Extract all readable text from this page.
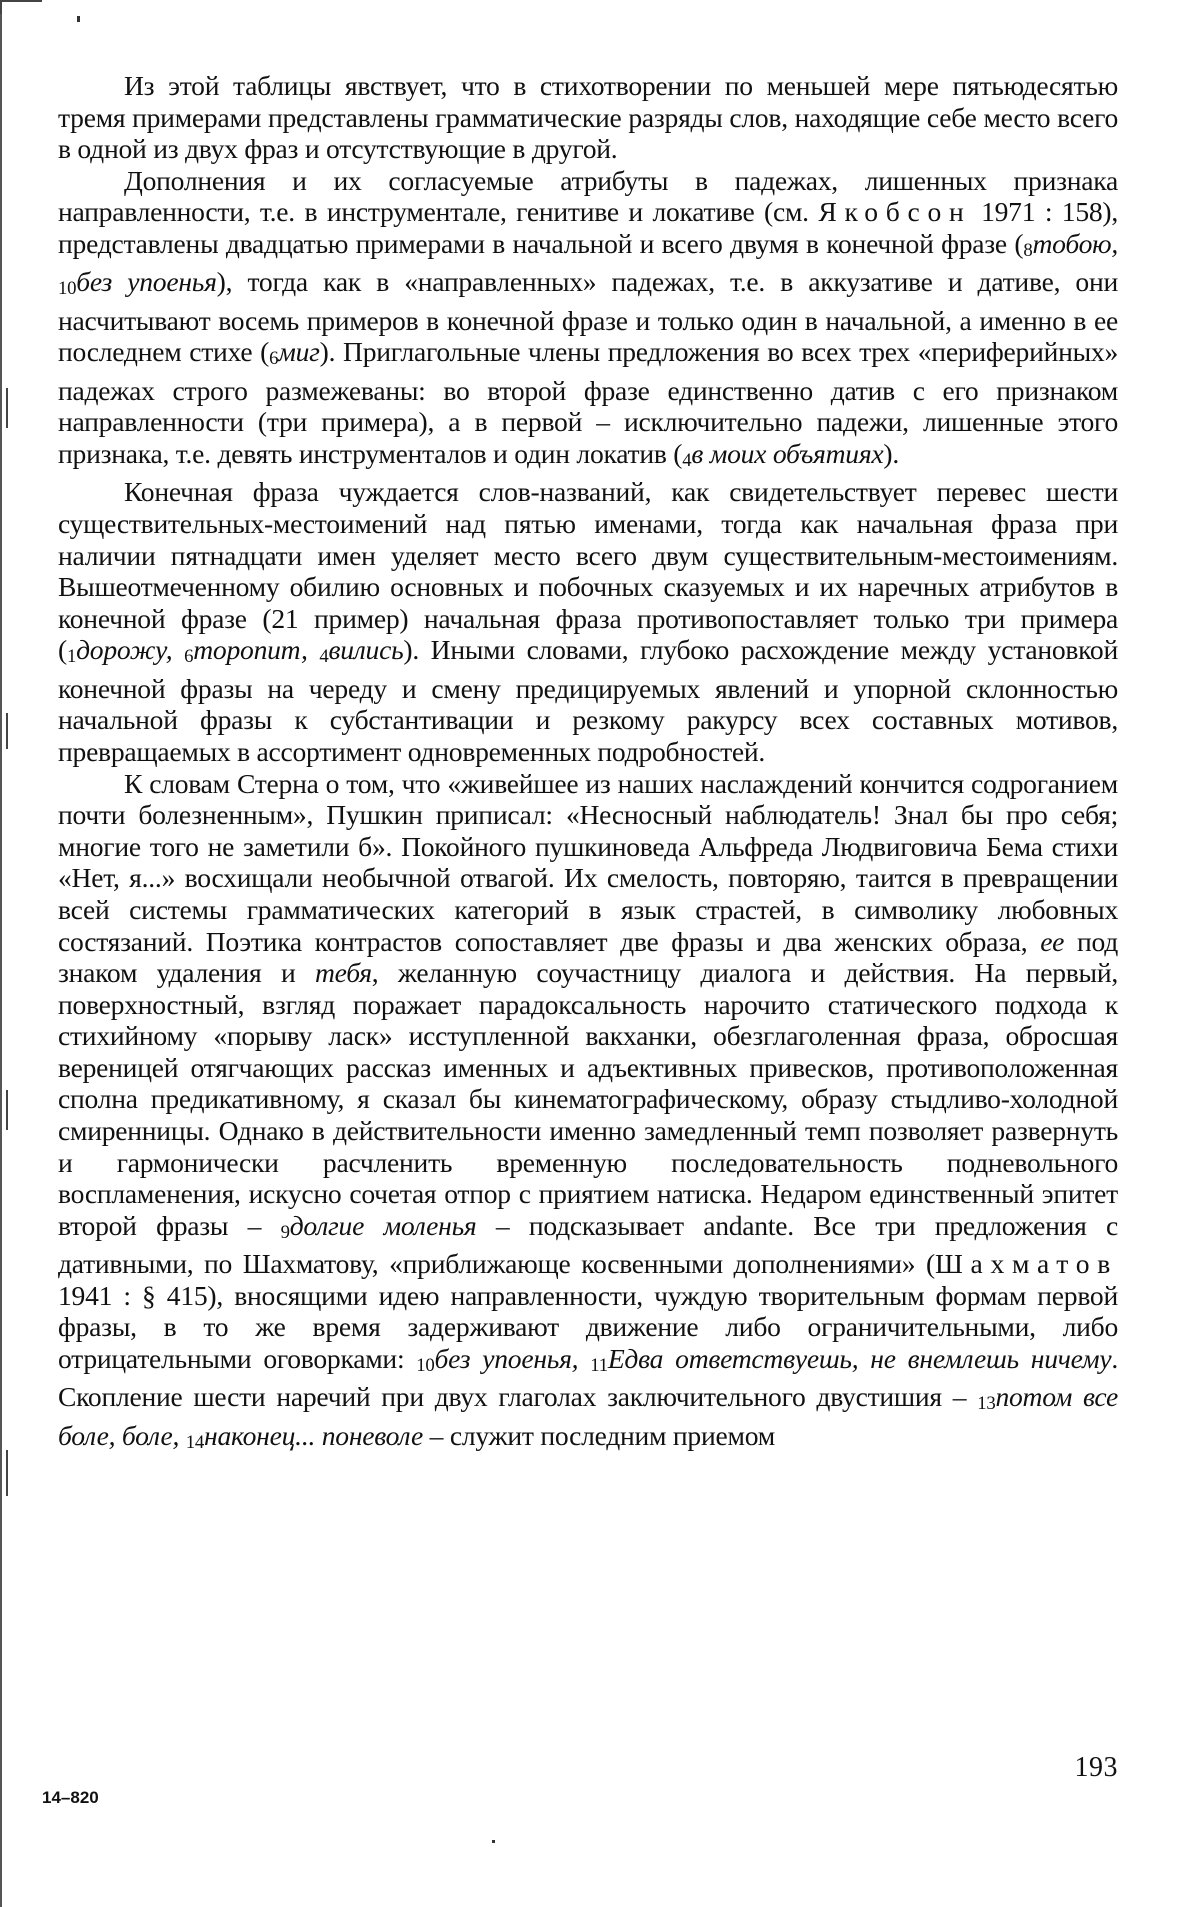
Из этой таблицы явствует, что в стихотворении по меньшей мере пятьюдесятью тремя примерами представлены грамматические разряды слов, находящие себе место всего в одной из двух фраз и отсутствующие в другой.

Дополнения и их согласуемые атрибуты в падежах, лишенных признака направленности, т.е. в инструментале, генитиве и локативе (см. Якобсон 1971 : 158), представлены двадцатью примерами в начальной и всего двумя в конечной фразе (8тобою, 10без упоенья), тогда как в «направленных» падежах, т.е. в аккузативе и дативе, они насчитывают восемь примеров в конечной фразе и только один в начальной, а именно в ее последнем стихе (6миг). Приглагольные члены предложения во всех трех «периферийных» падежах строго размежеваны: во второй фразе единственно датив с его признаком направленности (три примера), а в первой – исключительно падежи, лишенные этого признака, т.е. девять инструменталов и один локатив (4в моих объятиях).

Конечная фраза чуждается слов-названий, как свидетельствует перевес шести существительных-местоимений над пятью именами, тогда как начальная фраза при наличии пятнадцати имен уделяет место всего двум существительным-местоимениям. Вышеотмеченному обилию основных и побочных сказуемых и их наречных атрибутов в конечной фразе (21 пример) начальная фраза противопоставляет только три примера (1дорожу, 6торопит, 4вились). Иными словами, глубоко расхождение между установкой конечной фразы на череду и смену предицируемых явлений и упорной склонностью начальной фразы к субстантивации и резкому ракурсу всех составных мотивов, превращаемых в ассортимент одновременных подробностей.

К словам Стерна о том, что «живейшее из наших наслаждений кончится содроганием почти болезненным», Пушкин приписал: «Несносный наблюдатель! Знал бы про себя; многие того не заметили б». Покойного пушкиноведа Альфреда Людвиговича Бема стихи «Нет, я...» восхищали необычной отвагой. Их смелость, повторяю, таится в превращении всей системы грамматических категорий в язык страстей, в символику любовных состязаний. Поэтика контрастов сопоставляет две фразы и два женских образа, ее под знаком удаления и тебя, желанную соучастницу диалога и действия. На первый, поверхностный, взгляд поражает парадоксальность нарочито статического подхода к стихийному «порыву ласк» исступленной вакханки, обезглаголенная фраза, обросшая вереницей отягчающих рассказ именных и адъективных привесков, противоположенная сполна предикативному, я сказал бы кинематографическому, образу стыдливо-холодной смиренницы. Однако в действительности именно замедленный темп позволяет развернуть и гармонически расчленить временную последовательность подневольного воспламенения, искусно сочетая отпор с приятием натиска. Недаром единственный эпитет второй фразы – 9долгие моленья – подсказывает andante. Все три предложения с дативными, по Шахматову, «приближающе косвенными дополнениями» (Шахматов 1941 : § 415), вносящими идею направленности, чуждую творительным формам первой фразы, в то же время задерживают движение либо ограничительными, либо отрицательными оговорками: 10без упоенья, 11Едва ответствуешь, не внемлешь ничему. Скопление шести наречий при двух глаголах заключительного двустишия – 13потом все боле, боле, 14наконец... поневоле – служит последним приемом

193
14–820
